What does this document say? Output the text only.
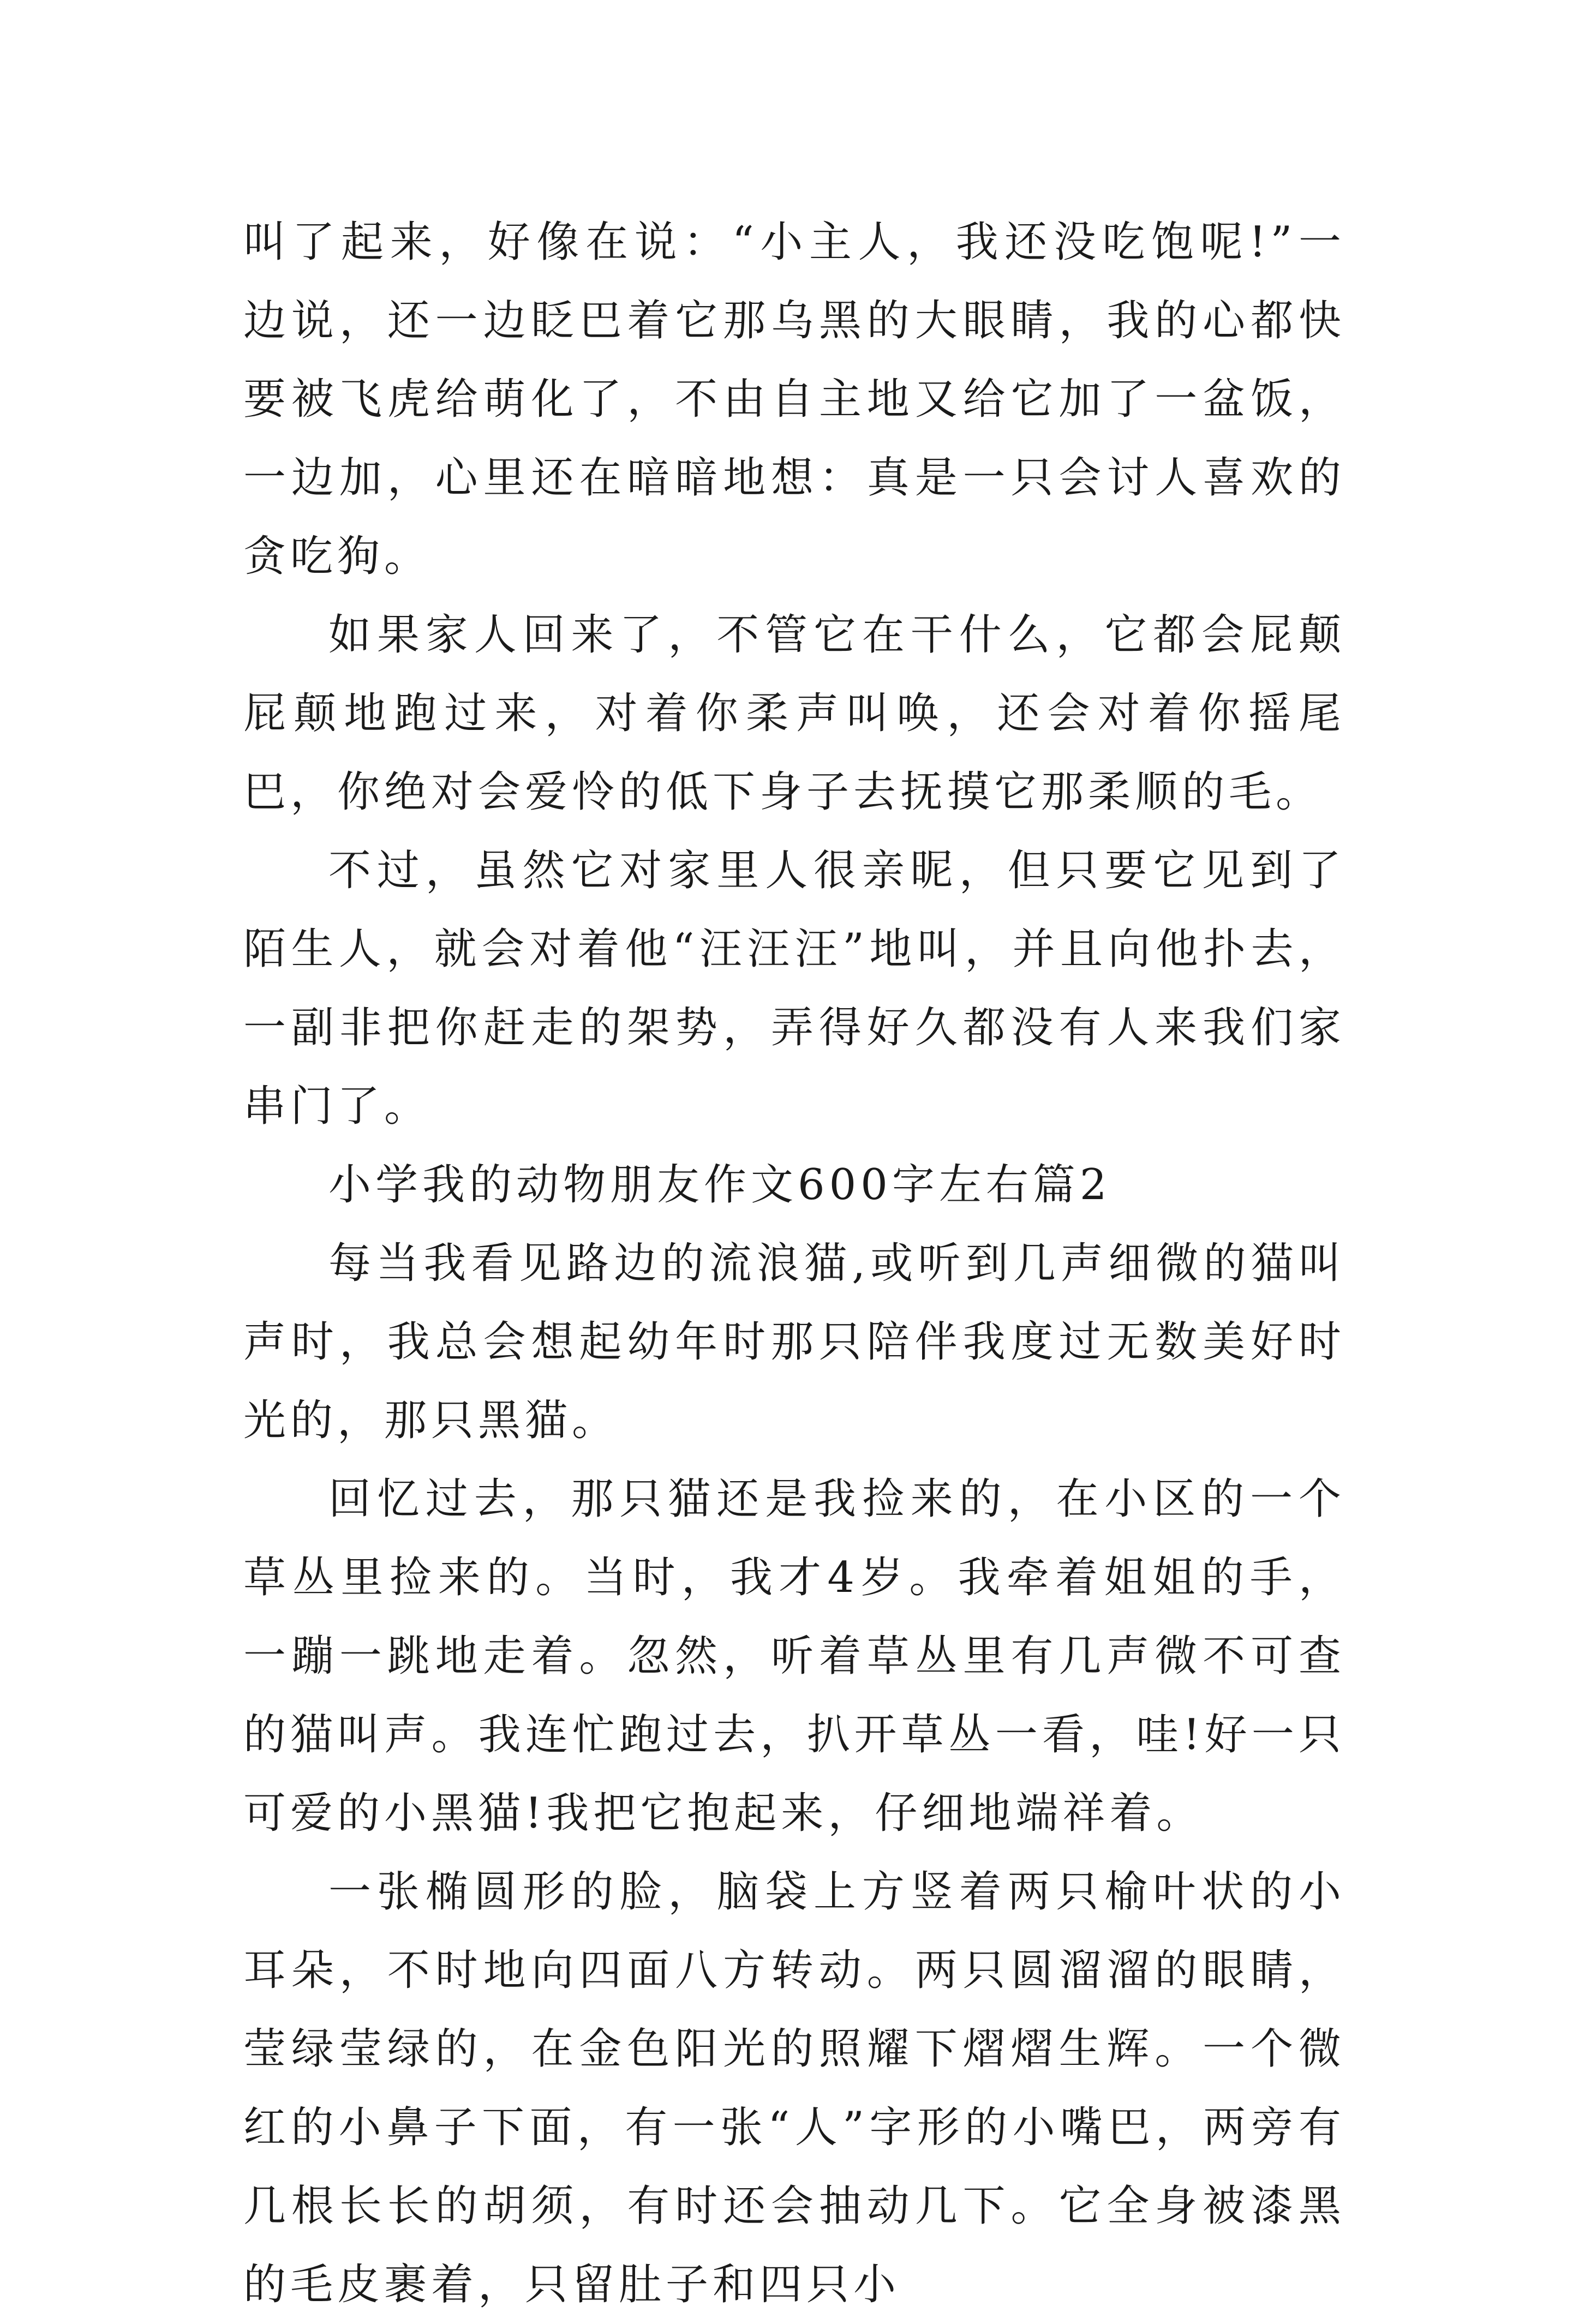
叫了起来，好像在说：“小主人，我还没吃饱呢!”一边说，还一边眨巴着它那乌黑的大眼睛，我的心都快要被飞虎给萌化了，不由自主地又给它加了一盆饭，一边加，心里还在暗暗地想：真是一只会讨人喜欢的贪吃狗。

如果家人回来了，不管它在干什么，它都会屁颠屁颠地跑过来，对着你柔声叫唤，还会对着你摇尾巴，你绝对会爱怜的低下身子去抚摸它那柔顺的毛。

不过，虽然它对家里人很亲昵，但只要它见到了陌生人，就会对着他“汪汪汪”地叫，并且向他扑去，一副非把你赶走的架势，弄得好久都没有人来我们家串门了。

小学我的动物朋友作文600字左右篇2

每当我看见路边的流浪猫,或听到几声细微的猫叫声时，我总会想起幼年时那只陪伴我度过无数美好时光的，那只黑猫。

回忆过去，那只猫还是我捡来的，在小区的一个草丛里捡来的。当时，我才4岁。我牵着姐姐的手，一蹦一跳地走着。忽然，听着草丛里有几声微不可查的猫叫声。我连忙跑过去，扒开草丛一看，哇!好一只可爱的小黑猫!我把它抱起来，仔细地端祥着。

一张椭圆形的脸，脑袋上方竖着两只榆叶状的小耳朵，不时地向四面八方转动。两只圆溜溜的眼睛，莹绿莹绿的，在金色阳光的照耀下熠熠生辉。一个微红的小鼻子下面，有一张“人”字形的小嘴巴，两旁有几根长长的胡须，有时还会抽动几下。它全身被漆黑的毛皮裹着，只留肚子和四只小
